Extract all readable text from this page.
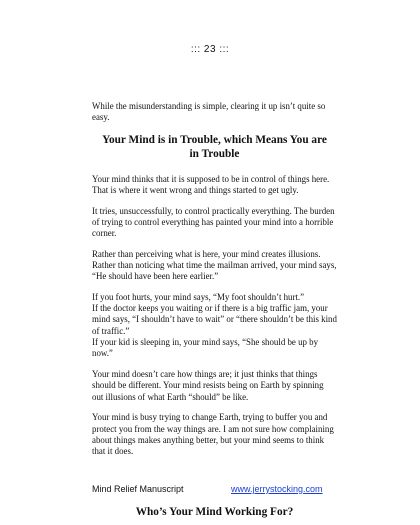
::: 23 :::

While the misunderstanding is simple, clearing it up isn’t quite so easy.

Your Mind is in Trouble, which Means You are in Trouble

Your mind thinks that it is supposed to be in control of things here. That is where it went wrong and things started to get ugly.

It tries, unsuccessfully, to control practically everything. The burden of trying to control everything has painted your mind into a horrible corner.

Rather than perceiving what is here, your mind creates illusions. Rather than noticing what time the mailman arrived, your mind says, “He should have been here earlier.”

If you foot hurts, your mind says, “My foot shouldn’t hurt.”
If the doctor keeps you waiting or if there is a big traffic jam, your mind says, “I shouldn’t have to wait” or “there shouldn’t be this kind of traffic.”
If your kid is sleeping in, your mind says, “She should be up by now.”

Your mind doesn’t care how things are; it just thinks that things should be different. Your mind resists being on Earth by spinning out illusions of what Earth “should” be like.

Your mind is busy trying to change Earth, trying to buffer you and protect you from the way things are. I am not sure how complaining about things makes anything better, but your mind seems to think that it does.

Who’s Your Mind Working For?
Mind Relief Manuscript	www.jerrystocking.com
